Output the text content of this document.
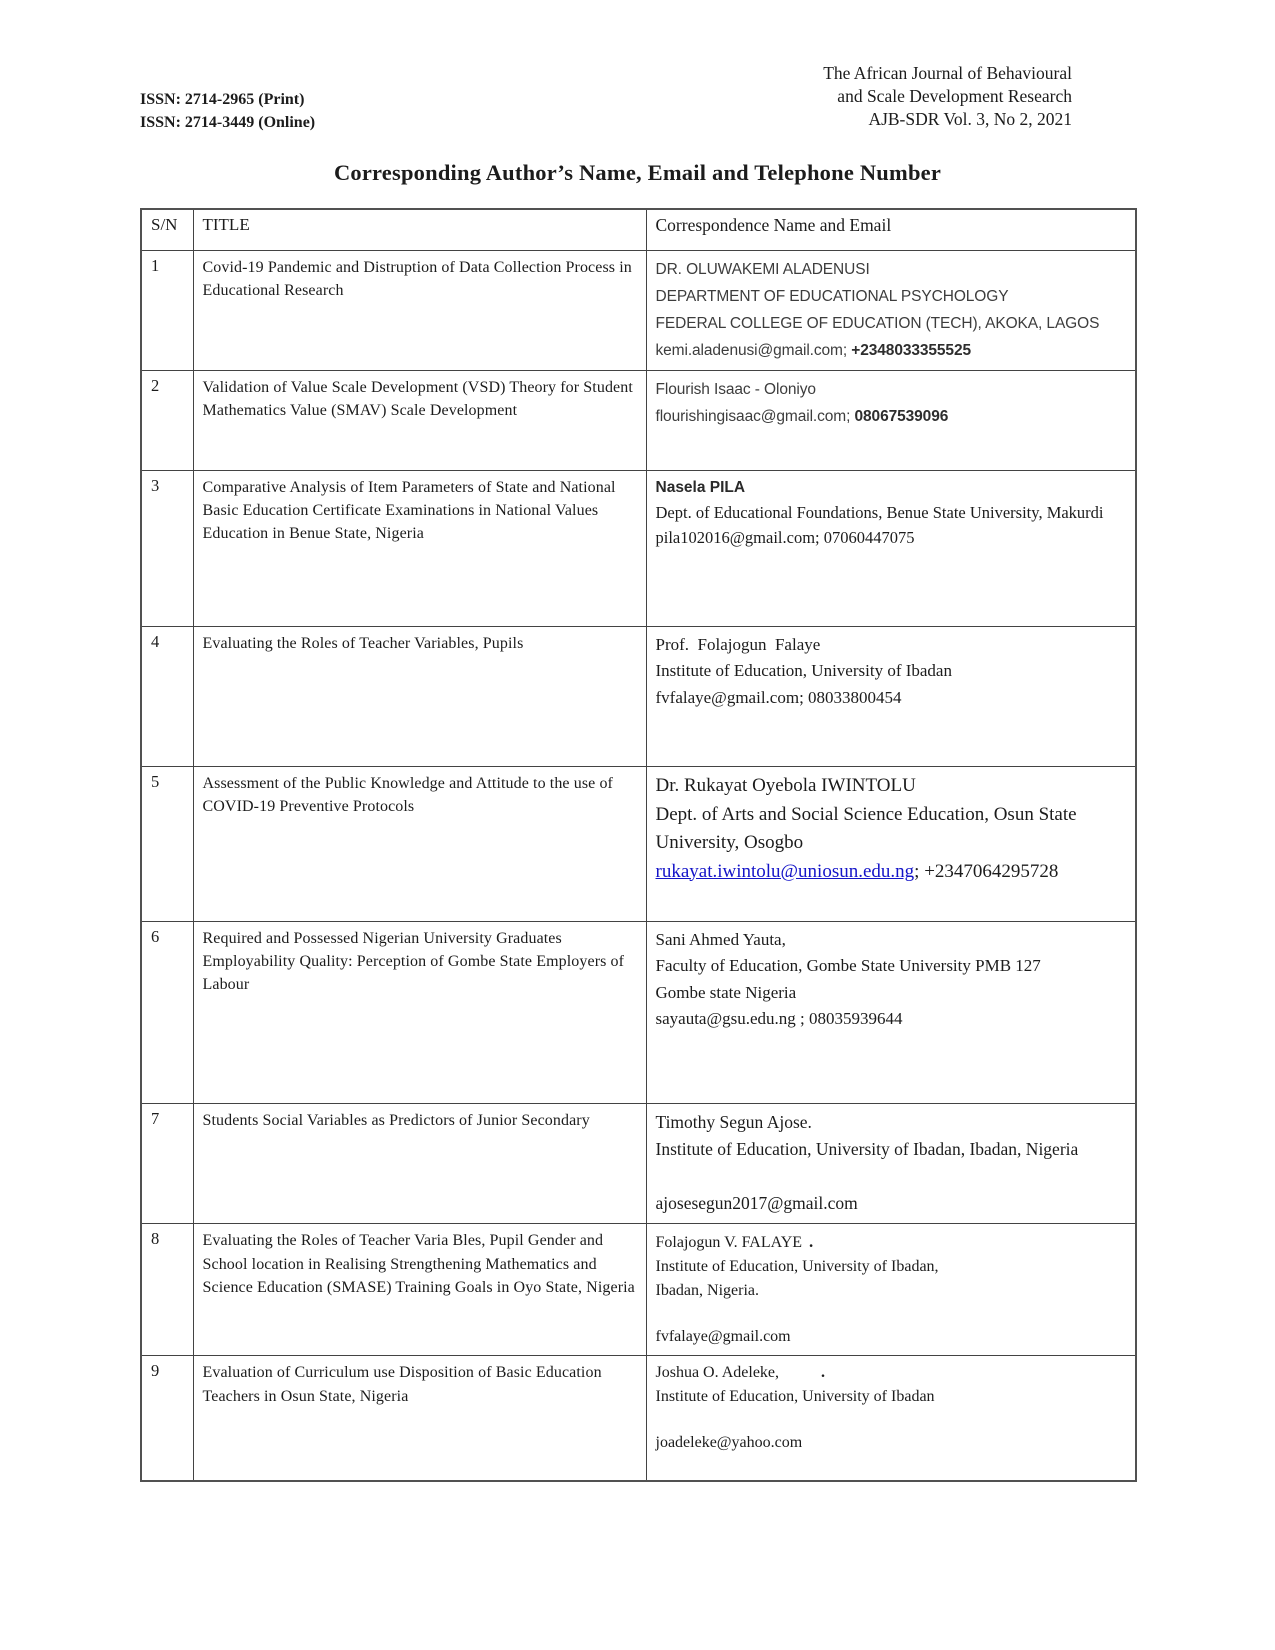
ISSN: 2714-2965 (Print)
ISSN: 2714-3449 (Online)
The African Journal of Behavioural
and Scale Development Research
AJB-SDR Vol. 3, No 2, 2021
Corresponding Author’s Name, Email and Telephone Number
S/N	TITLE	Correspondence Name and Email
1	Covid-19 Pandemic and Distruption of Data Collection Process in Educational Research	DR. OLUWAKEMI ALADENUSI
DEPARTMENT OF EDUCATIONAL PSYCHOLOGY
FEDERAL COLLEGE OF EDUCATION (TECH), AKOKA, LAGOS
kemi.aladenusi@gmail.com; +2348033355525

2	Validation of Value Scale Development (VSD) Theory for Student Mathematics Value (SMAV) Scale Development	Flourish Isaac - Oloniyo
flourishingisaac@gmail.com; 08067539096

3	Comparative Analysis of Item Parameters of State and National Basic Education Certificate Examinations in National Values Education in Benue State, Nigeria	Nasela PILA
Dept. of Educational Foundations, Benue State University, Makurdi
pila102016@gmail.com; 07060447075

4	Evaluating the Roles of Teacher Variables, Pupils	Prof.  Folajogun  Falaye
Institute of Education, University of Ibadan
fvfalaye@gmail.com; 08033800454

5	Assessment of the Public Knowledge and Attitude to the use of COVID-19 Preventive Protocols	Dr. Rukayat Oyebola IWINTOLU
Dept. of Arts and Social Science Education, Osun State University, Osogbo
rukayat.iwintolu@uniosun.edu.ng; +2347064295728

6	Required and Possessed Nigerian University Graduates Employability Quality: Perception of Gombe State Employers of Labour	Sani Ahmed Yauta,
Faculty of Education, Gombe State University PMB 127
Gombe state Nigeria
sayauta@gsu.edu.ng ; 08035939644

7	Students Social Variables as Predictors of Junior Secondary	Timothy Segun Ajose.
Institute of Education, University of Ibadan, Ibadan, Nigeria
ajosesegun2017@gmail.com

8	Evaluating the Roles of Teacher Varia Bles, Pupil Gender and School location in Realising Strengthening Mathematics and Science Education (SMASE) Training Goals in Oyo State, Nigeria	Folajogun V. FALAYE .
Institute of Education, University of Ibadan,
Ibadan, Nigeria.
fvfalaye@gmail.com

9	Evaluation of Curriculum use Disposition of Basic Education Teachers in Osun State, Nigeria	Joshua O. Adeleke, .
Institute of Education, University of Ibadan
joadeleke@yahoo.com
